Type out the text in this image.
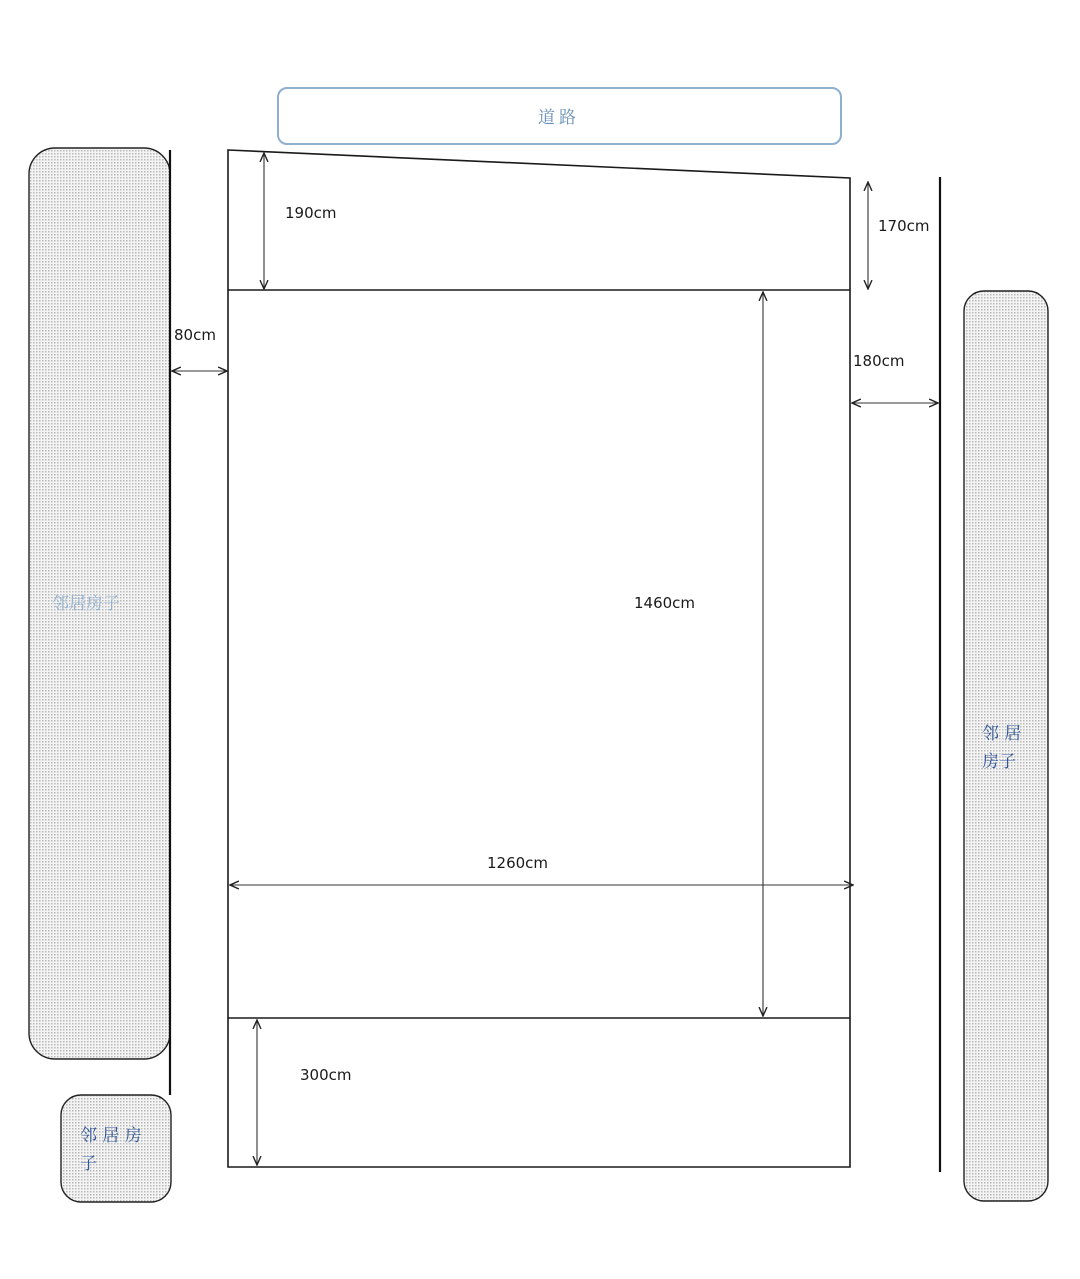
道路
邻居房子
邻 居 房
子
邻 居
房子
190cm
170cm
80cm
180cm
1460cm
1260cm
300cm
